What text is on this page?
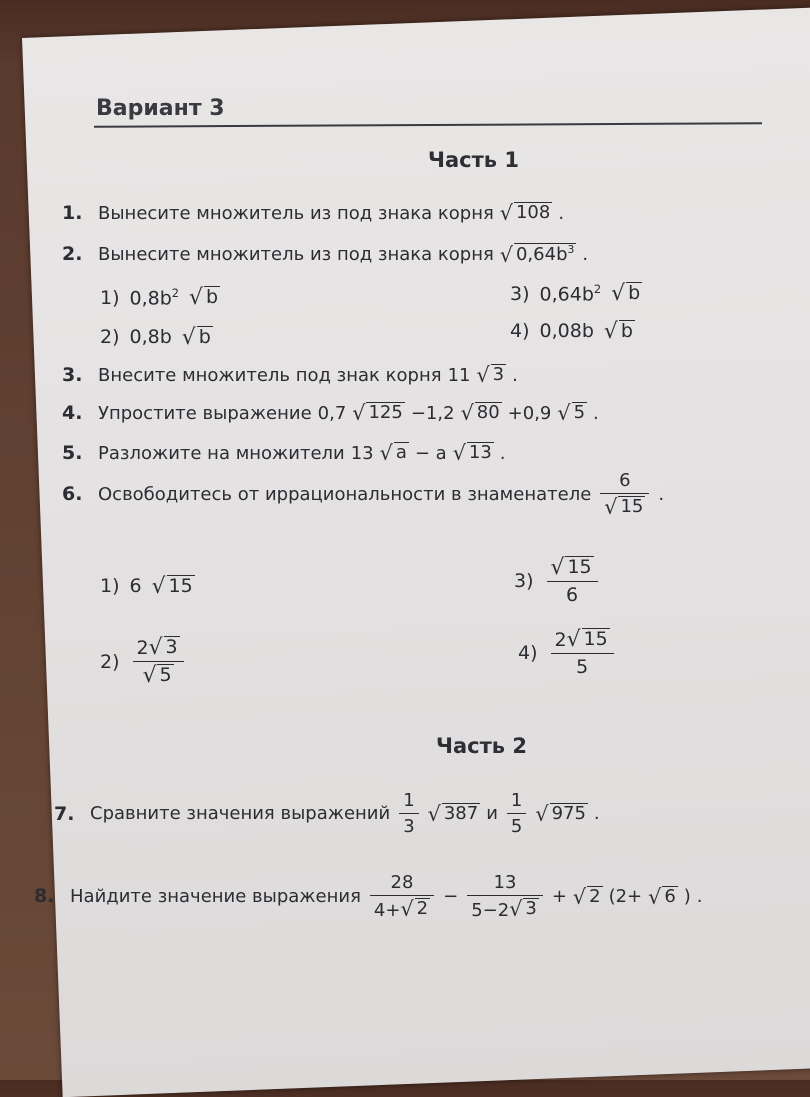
Вариант 3
Часть 1
1. Вынесите множитель из под знака корня √ 108 .
2. Вынесите множитель из под знака корня √ $0,64b^3$ .
1) $0,8b^2$ √ b
2) 0,8b √ b
3) $0,64b^2$ √ b
4) 0,08b √ b
3. Внесите множитель под знак корня 11 √ 3 .
4. Упростите выражение 0,7 √ 125 −1,2 √ 80 +0,9 √ 5 .
5. Разложите на множители 13 √ a − a √ 13 .
6. Освободитесь от иррациональности в знаменателе $\frac{6}{√ 15}$ .
1) 6 √ 15
$2) \frac{2 √ 3}{√ 5}$
$3) \frac{√ 15}{6}$
$4) \frac{2 √ 15}{5}$
Часть 2
7. Сравните значения выражений $\frac{1}{3}$ √ 387 и $\frac{1}{5}$ √ 975 .
8. Найдите значение выражения $\frac{28}{4+ √ 2} - \frac{13}{5-2 √ 3}$ + √ 2 (2+ √ 6 ) .
